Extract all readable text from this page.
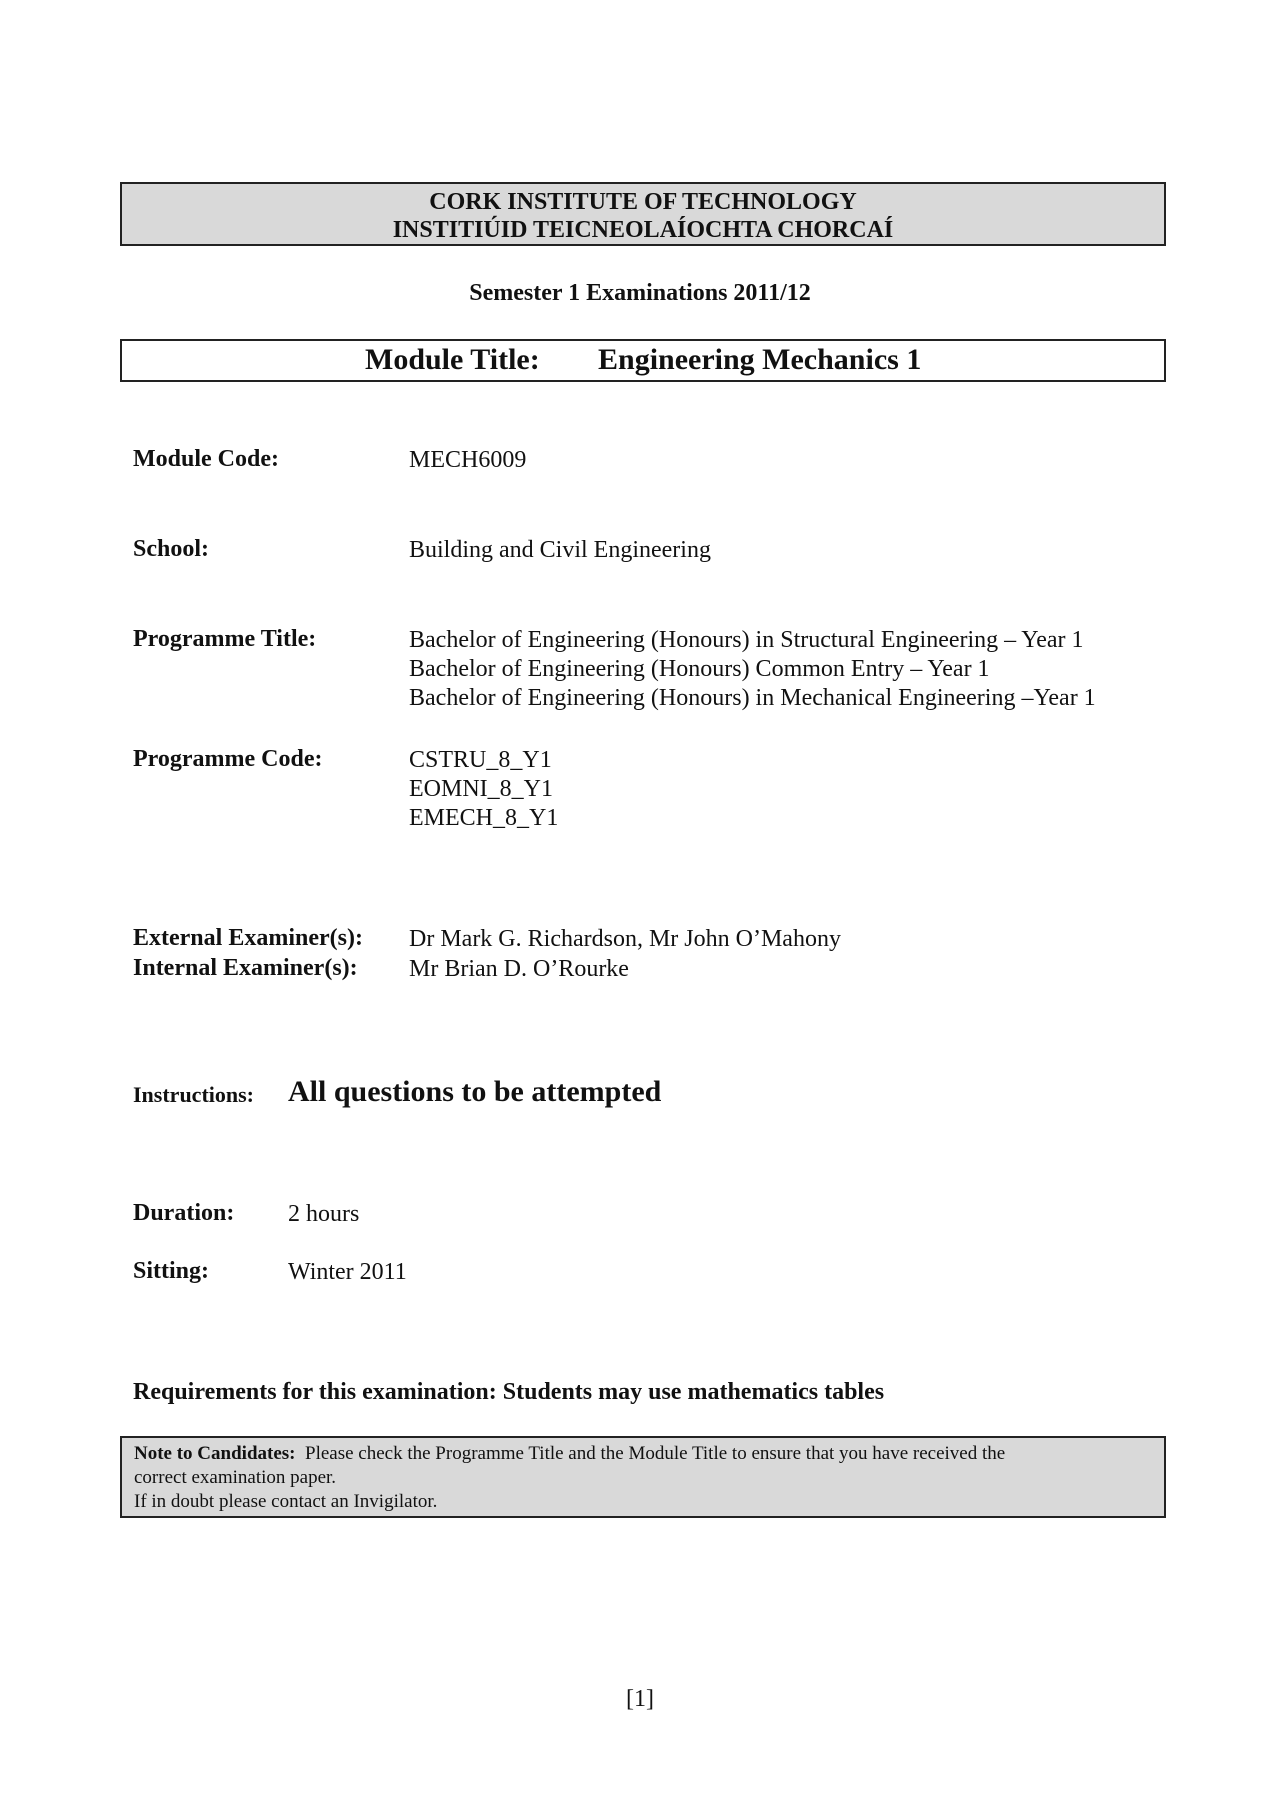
CORK INSTITUTE OF TECHNOLOGY
INSTITIÚID TEICNEOLAÍOCHTA CHORCAÍ
Semester 1 Examinations 2011/12
Module Title: Engineering Mechanics 1
Module Code:	MECH6009
School:	Building and Civil Engineering
Programme Title:	Bachelor of Engineering (Honours) in Structural Engineering – Year 1
Bachelor of Engineering (Honours) Common Entry – Year 1
Bachelor of Engineering (Honours) in Mechanical Engineering –Year 1
Programme Code:	CSTRU_8_Y1
EOMNI_8_Y1
EMECH_8_Y1
External Examiner(s): Dr Mark G. Richardson, Mr John O’Mahony
Internal Examiner(s): Mr Brian D. O’Rourke
Instructions: All questions to be attempted
Duration: 2 hours
Sitting:	Winter 2011
Requirements for this examination: Students may use mathematics tables
Note to Candidates: Please check the Programme Title and the Module Title to ensure that you have received the
correct examination paper.
If in doubt please contact an Invigilator.
[1]
